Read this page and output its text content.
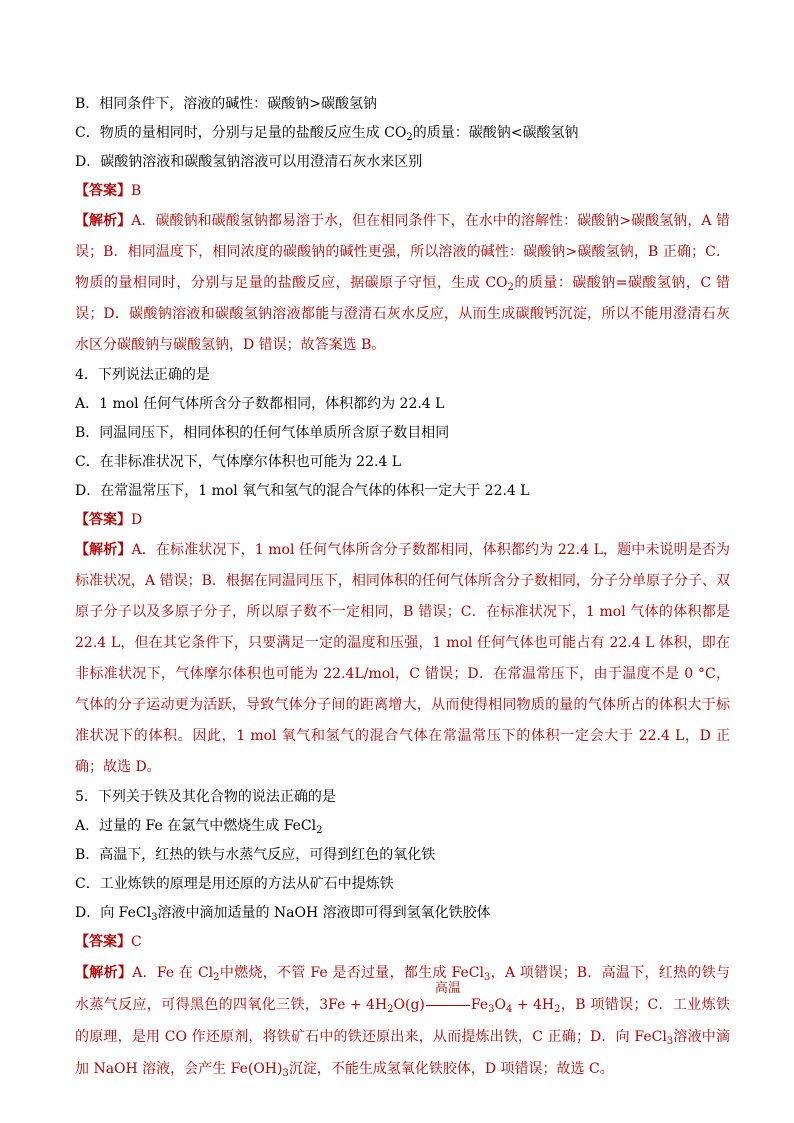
B．相同条件下，溶液的碱性：碳酸钠>碳酸氢钠
C．物质的量相同时，分别与足量的盐酸反应生成 $CO_2$的质量：碳酸钠<碳酸氢钠
D．碳酸钠溶液和碳酸氢钠溶液可以用澄清石灰水来区别
【答案】B
【解析】A．碳酸钠和碳酸氢钠都易溶于水，但在相同条件下，在水中的溶解性：碳酸钠>碳酸氢钠，A 错误；B．相同温度下，相同浓度的碳酸钠的碱性更强，所以溶液的碱性：碳酸钠>碳酸氢钠，B 正确；C．物质的量相同时，分别与足量的盐酸反应，据碳原子守恒，生成 $CO_2$的质量：碳酸钠=碳酸氢钠，C 错误；D．碳酸钠溶液和碳酸氢钠溶液都能与澄清石灰水反应，从而生成碳酸钙沉淀，所以不能用澄清石灰水区分碳酸钠与碳酸氢钠，D 错误；故答案选 B。
4．下列说法正确的是
A．1 mol 任何气体所含分子数都相同，体积都约为 22.4 L
B．同温同压下，相同体积的任何气体单质所含原子数目相同
C．在非标准状况下，气体摩尔体积也可能为 22.4 L
D．在常温常压下，1 mol 氧气和氢气的混合气体的体积一定大于 22.4 L
【答案】D
【解析】A．在标准状况下，1 mol 任何气体所含分子数都相同，体积都约为 22.4 L，题中未说明是否为标准状况，A 错误；B．根据在同温同压下，相同体积的任何气体所含分子数相同，分子分单原子分子、双原子分子以及多原子分子，所以原子数不一定相同，B 错误；C．在标准状况下，1 mol 气体的体积都是 22.4 L，但在其它条件下，只要满足一定的温度和压强，1 mol 任何气体也可能占有 22.4 L 体积，即在非标准状况下，气体摩尔体积也可能为 22.4L/mol，C 错误；D．在常温常压下，由于温度不是 0 °C，气体的分子运动更为活跃，导致气体分子间的距离增大，从而使得相同物质的量的气体所占的体积大于标准状况下的体积。因此，1 mol 氧气和氢气的混合气体在常温常压下的体积一定会大于 22.4 L，D 正确；故选 D。
5．下列关于铁及其化合物的说法正确的是
A．过量的 Fe 在氯气中燃烧生成 FeCl$_2$
B．高温下，红热的铁与水蒸气反应，可得到红色的氧化铁
C．工业炼铁的原理是用还原的方法从矿石中提炼铁
D．向 FeCl$_3$溶液中滴加适量的 NaOH 溶液即可得到氢氧化铁胶体
【答案】C
【解析】A．Fe 在 $Cl_2$中燃烧，不管 Fe 是否过量，都生成 FeCl$_3$，A 项错误；B．高温下，红热的铁与水蒸气反应，可得黑色的四氧化三铁，$3Fe + 4H_2O(g)$
高温
$Fe_3O_4 + 4H_2$，B 项错误；C．工业炼铁的原理，是用 CO 作还原剂，将铁矿石中的铁还原出来，从而提炼出铁，C 正确；D．向 FeCl$_3$溶液中滴加 NaOH 溶液，会产生 $Fe(OH)_3$沉淀，不能生成氢氧化铁胶体，D 项错误；故选 C。
